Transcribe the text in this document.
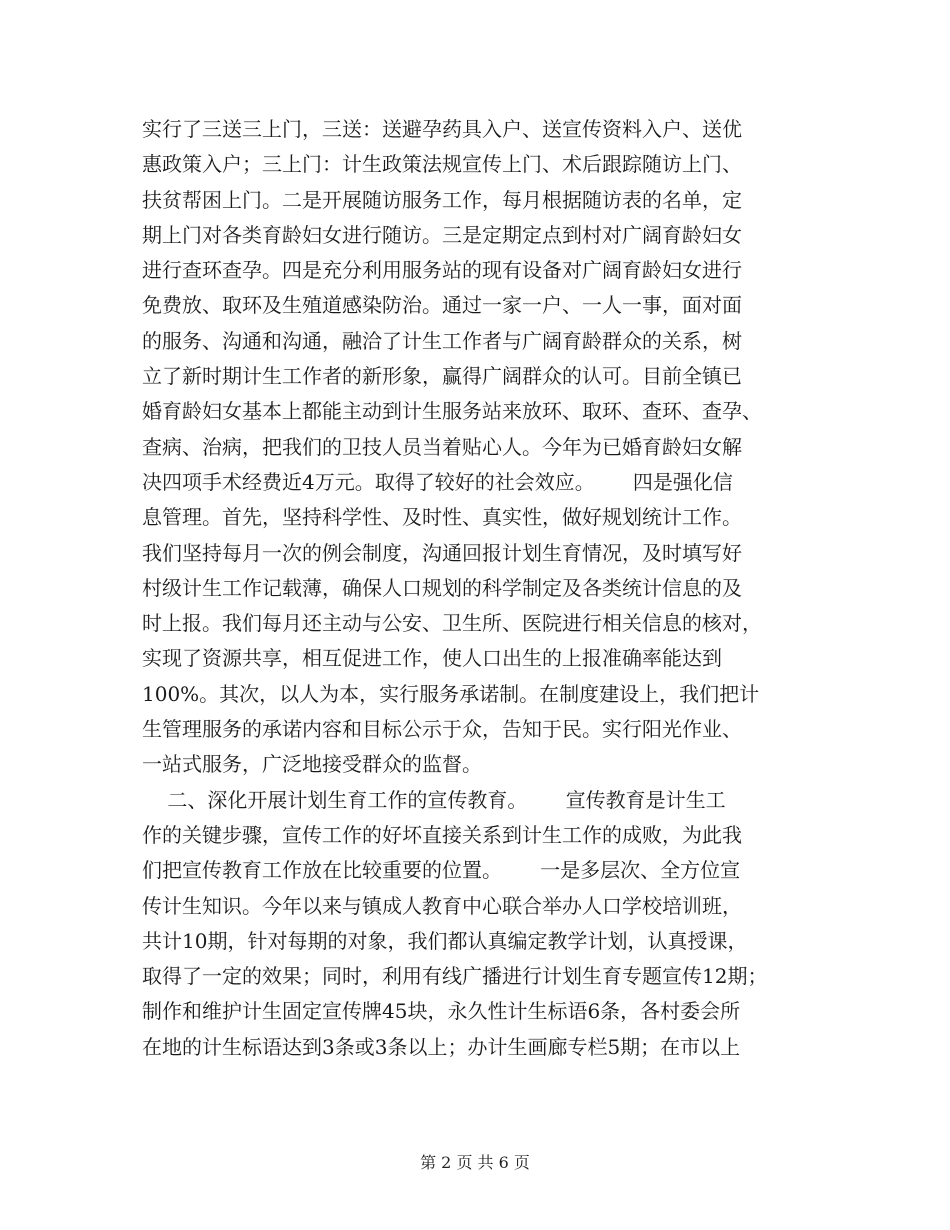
实行了三送三上门，三送：送避孕药具入户、送宣传资料入户、送优
惠政策入户；三上门：计生政策法规宣传上门、术后跟踪随访上门、
扶贫帮困上门。二是开展随访服务工作，每月根据随访表的名单，定
期上门对各类育龄妇女进行随访。三是定期定点到村对广阔育龄妇女
进行查环查孕。四是充分利用服务站的现有设备对广阔育龄妇女进行
免费放、取环及生殖道感染防治。通过一家一户、一人一事，面对面
的服务、沟通和沟通，融洽了计生工作者与广阔育龄群众的关系，树
立了新时期计生工作者的新形象，赢得广阔群众的认可。目前全镇已
婚育龄妇女基本上都能主动到计生服务站来放环、取环、查环、查孕、
查病、治病，把我们的卫技人员当着贴心人。今年为已婚育龄妇女解
决四项手术经费近4万元。取得了较好的社会效应。      四是强化信
息管理。首先，坚持科学性、及时性、真实性，做好规划统计工作。
我们坚持每月一次的例会制度，沟通回报计划生育情况，及时填写好
村级计生工作记载薄，确保人口规划的科学制定及各类统计信息的及
时上报。我们每月还主动与公安、卫生所、医院进行相关信息的核对，
实现了资源共享，相互促进工作，使人口出生的上报准确率能达到
100%。其次，以人为本，实行服务承诺制。在制度建设上，我们把计
生管理服务的承诺内容和目标公示于众，告知于民。实行阳光作业、
一站式服务，广泛地接受群众的监督。
二、深化开展计划生育工作的宣传教育。      宣传教育是计生工
作的关键步骤，宣传工作的好坏直接关系到计生工作的成败，为此我
们把宣传教育工作放在比较重要的位置。      一是多层次、全方位宣
传计生知识。今年以来与镇成人教育中心联合举办人口学校培训班，
共计10期，针对每期的对象，我们都认真编定教学计划，认真授课，
取得了一定的效果；同时，利用有线广播进行计划生育专题宣传12期；
制作和维护计生固定宣传牌45块，永久性计生标语6条，各村委会所
在地的计生标语达到3条或3条以上；办计生画廊专栏5期；在市以上
第 2 页 共 6 页
